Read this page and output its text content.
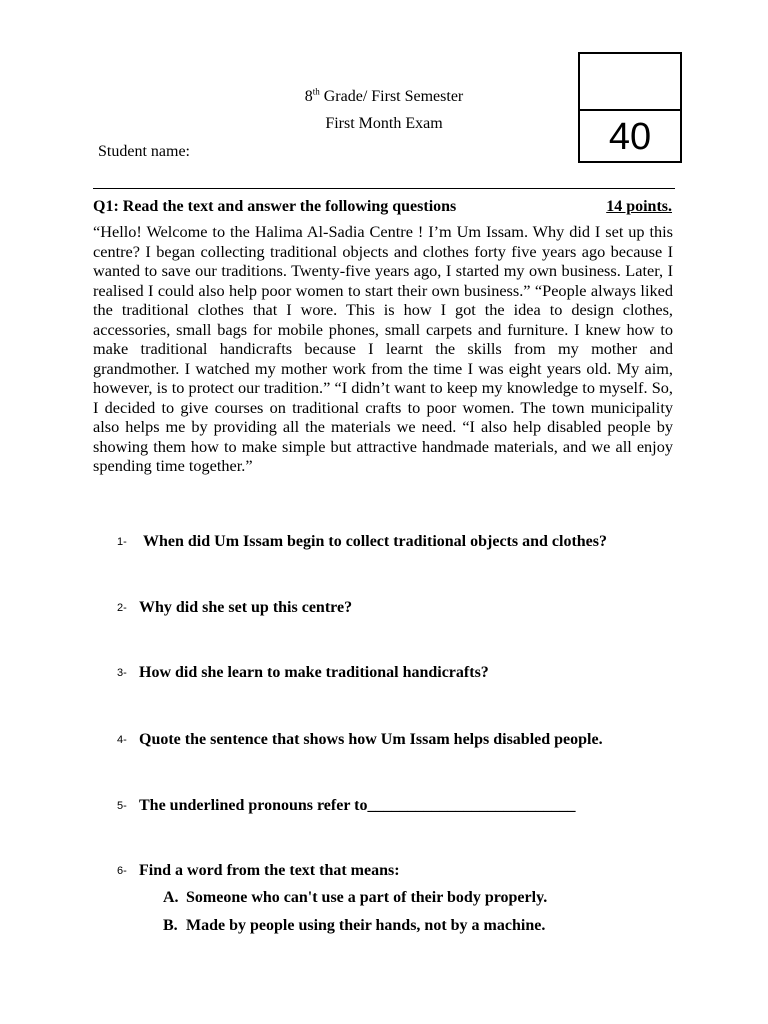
40
8th Grade/ First Semester
First Month Exam
Student name:
Q1: Read the text and answer the following questions	14 points.

“Hello! Welcome to the Halima Al-Sadia Centre ! I’m Um Issam. Why did I set up this centre? I began collecting traditional objects and clothes forty five years ago because I wanted to save our traditions. Twenty-five years ago, I started my own business. Later, I realised I could also help poor women to start their own business.” “People always liked the traditional clothes that I wore. This is how I got the idea to design clothes, accessories, small bags for mobile phones, small carpets and furniture. I knew how to make traditional handicrafts because I learnt the skills from my mother and grandmother. I watched my mother work from the time I was eight years old. My aim, however, is to protect our tradition.” “I didn’t want to keep my knowledge to myself. So, I decided to give courses on traditional crafts to poor women. The town municipality also helps me by providing all the materials we need. “I also help disabled people by showing them how to make simple but attractive handmade materials, and we all enjoy spending time together.”

1- When did Um Issam begin to collect traditional objects and clothes?
2- Why did she set up this centre?
3- How did she learn to make traditional handicrafts?
4- Quote the sentence that shows how Um Issam helps disabled people.
5- The underlined pronouns refer to__________________________
6- Find a word from the text that means:
A. Someone who can't use a part of their body properly.
B. Made by people using their hands, not by a machine.
